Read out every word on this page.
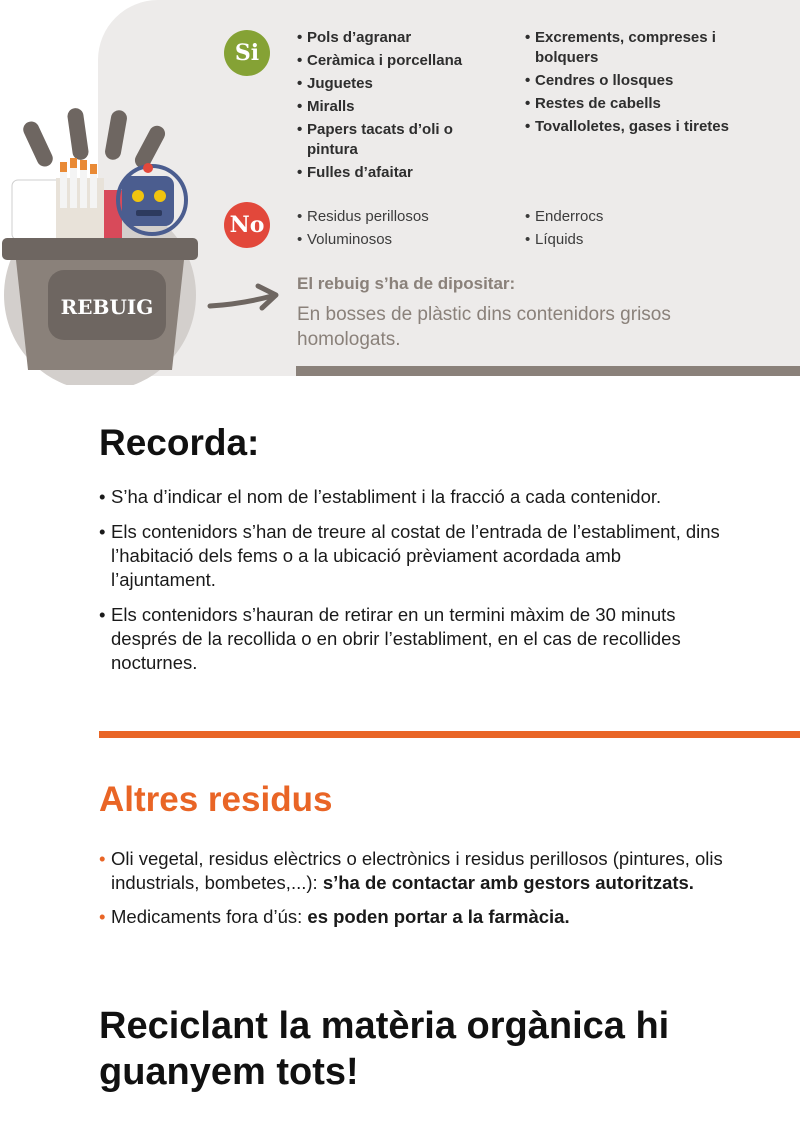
REBUIG
Si
• Pols d’agranar
• Ceràmica i porcellana
• Juguetes
• Miralls
• Papers tacats d’oli o pintura
• Fulles d’afaitar
• Excrements, compreses i bolquers
• Cendres o llosques
• Restes de cabells
• Tovalloletes, gases i tiretes
No
•	Residus perillosos
• Voluminosos
• Enderrocs
• Líquids
El rebuig s’ha de dipositar:
En bosses de plàstic dins contenidors grisos homologats.
Recorda:
• S’ha d’indicar el nom de l’establiment i la fracció a cada contenidor.
• Els contenidors s’han de treure al costat de l’entrada de l’establiment, dins l’habitació dels fems o a la ubicació prèviament acordada amb l’ajuntament.
• Els contenidors s’hauran de retirar en un termini màxim de 30 minuts després de la recollida o en obrir l’establiment, en el cas de recollides nocturnes.
Altres residus
• Oli vegetal, residus elèctrics o electrònics i residus perillosos (pintures, olis industrials, bombetes,...): s’ha de contactar amb gestors autoritzats.
• Medicaments fora d’ús: es poden portar a la farmàcia.
Reciclant la matèria orgànica hi guanyem tots!
